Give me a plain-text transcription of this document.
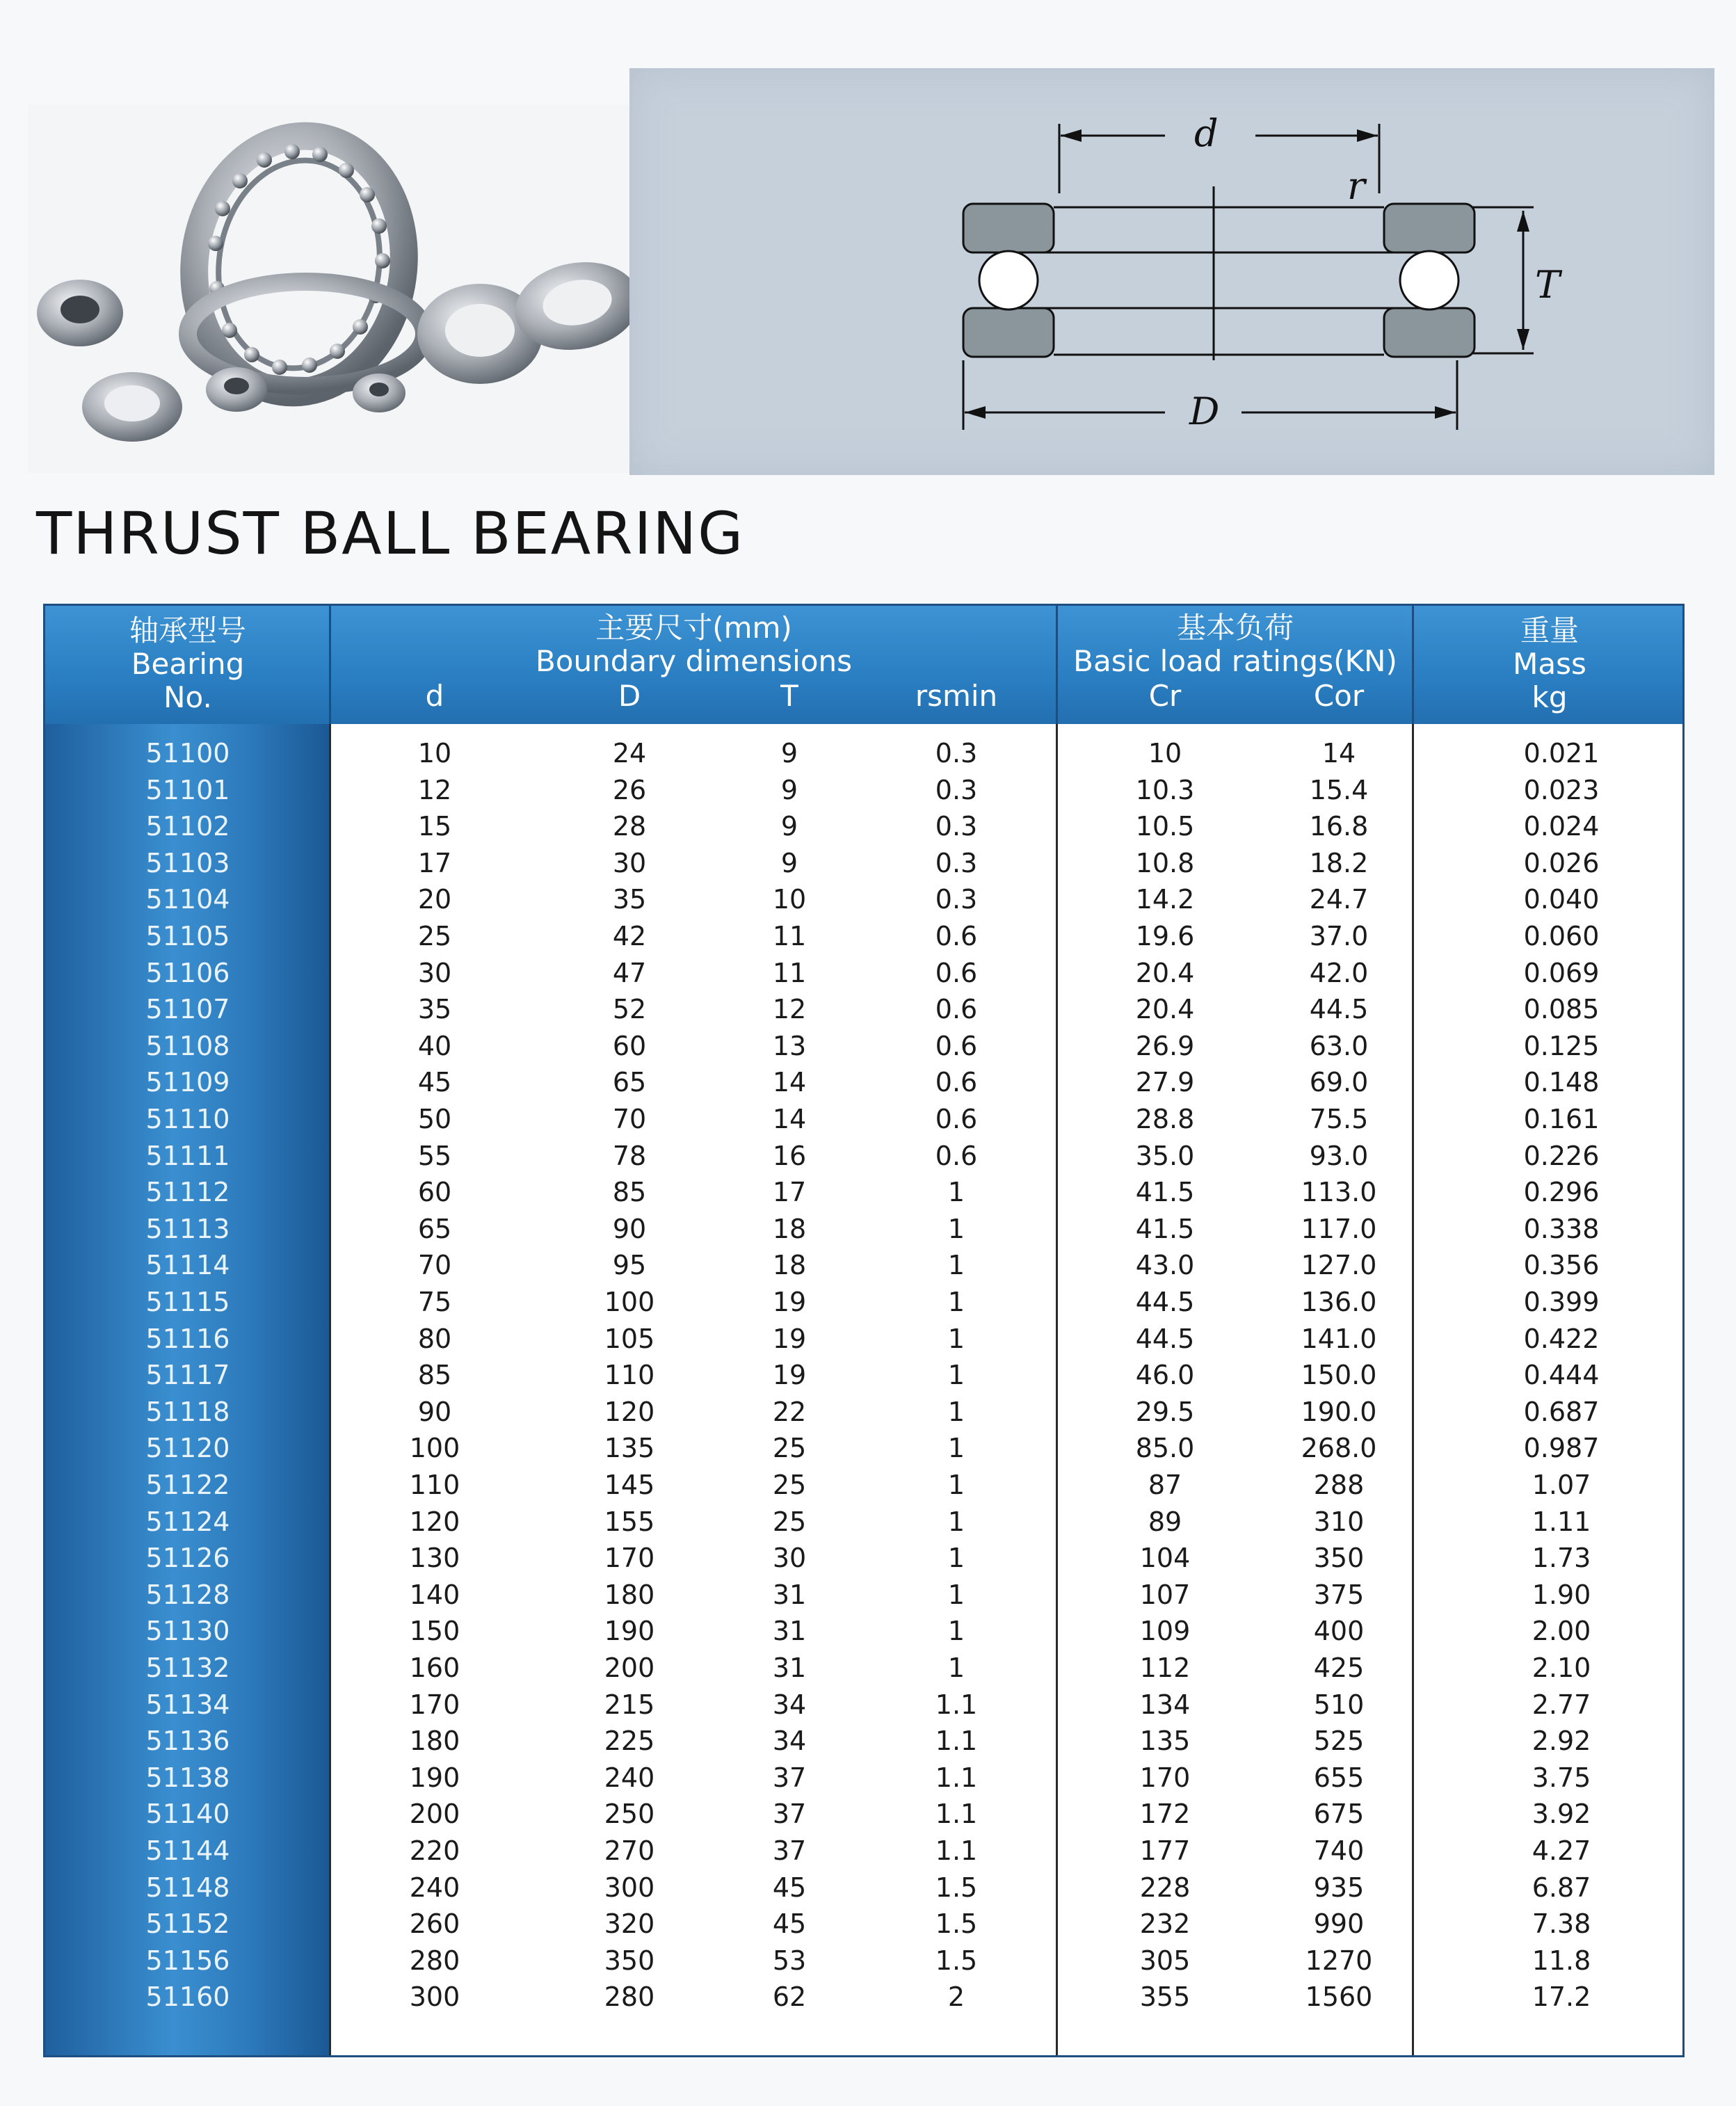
d
r
T
D
THRUST BALL BEARING
轴承型号
Bearing
No.
主要尺寸(mm)
Boundary dimensions
d	D	T	rsmin
基本负荷
Basic load ratings(KN)
Cr	Cor
重量
Mass
kg
51100	10	24	9	0.3	10	14	0.021
51101	12	26	9	0.3	10.3	15.4	0.023
51102	15	28	9	0.3	10.5	16.8	0.024
51103	17	30	9	0.3	10.8	18.2	0.026
51104	20	35	10	0.3	14.2	24.7	0.040
51105	25	42	11	0.6	19.6	37.0	0.060
51106	30	47	11	0.6	20.4	42.0	0.069
51107	35	52	12	0.6	20.4	44.5	0.085
51108	40	60	13	0.6	26.9	63.0	0.125
51109	45	65	14	0.6	27.9	69.0	0.148
51110	50	70	14	0.6	28.8	75.5	0.161
51111	55	78	16	0.6	35.0	93.0	0.226
51112	60	85	17	1	41.5	113.0	0.296
51113	65	90	18	1	41.5	117.0	0.338
51114	70	95	18	1	43.0	127.0	0.356
51115	75	100	19	1	44.5	136.0	0.399
51116	80	105	19	1	44.5	141.0	0.422
51117	85	110	19	1	46.0	150.0	0.444
51118	90	120	22	1	29.5	190.0	0.687
51120	100	135	25	1	85.0	268.0	0.987
51122	110	145	25	1	87	288	1.07
51124	120	155	25	1	89	310	1.11
51126	130	170	30	1	104	350	1.73
51128	140	180	31	1	107	375	1.90
51130	150	190	31	1	109	400	2.00
51132	160	200	31	1	112	425	2.10
51134	170	215	34	1.1	134	510	2.77
51136	180	225	34	1.1	135	525	2.92
51138	190	240	37	1.1	170	655	3.75
51140	200	250	37	1.1	172	675	3.92
51144	220	270	37	1.1	177	740	4.27
51148	240	300	45	1.5	228	935	6.87
51152	260	320	45	1.5	232	990	7.38
51156	280	350	53	1.5	305	1270	11.8
51160	300	280	62	2	355	1560	17.2
